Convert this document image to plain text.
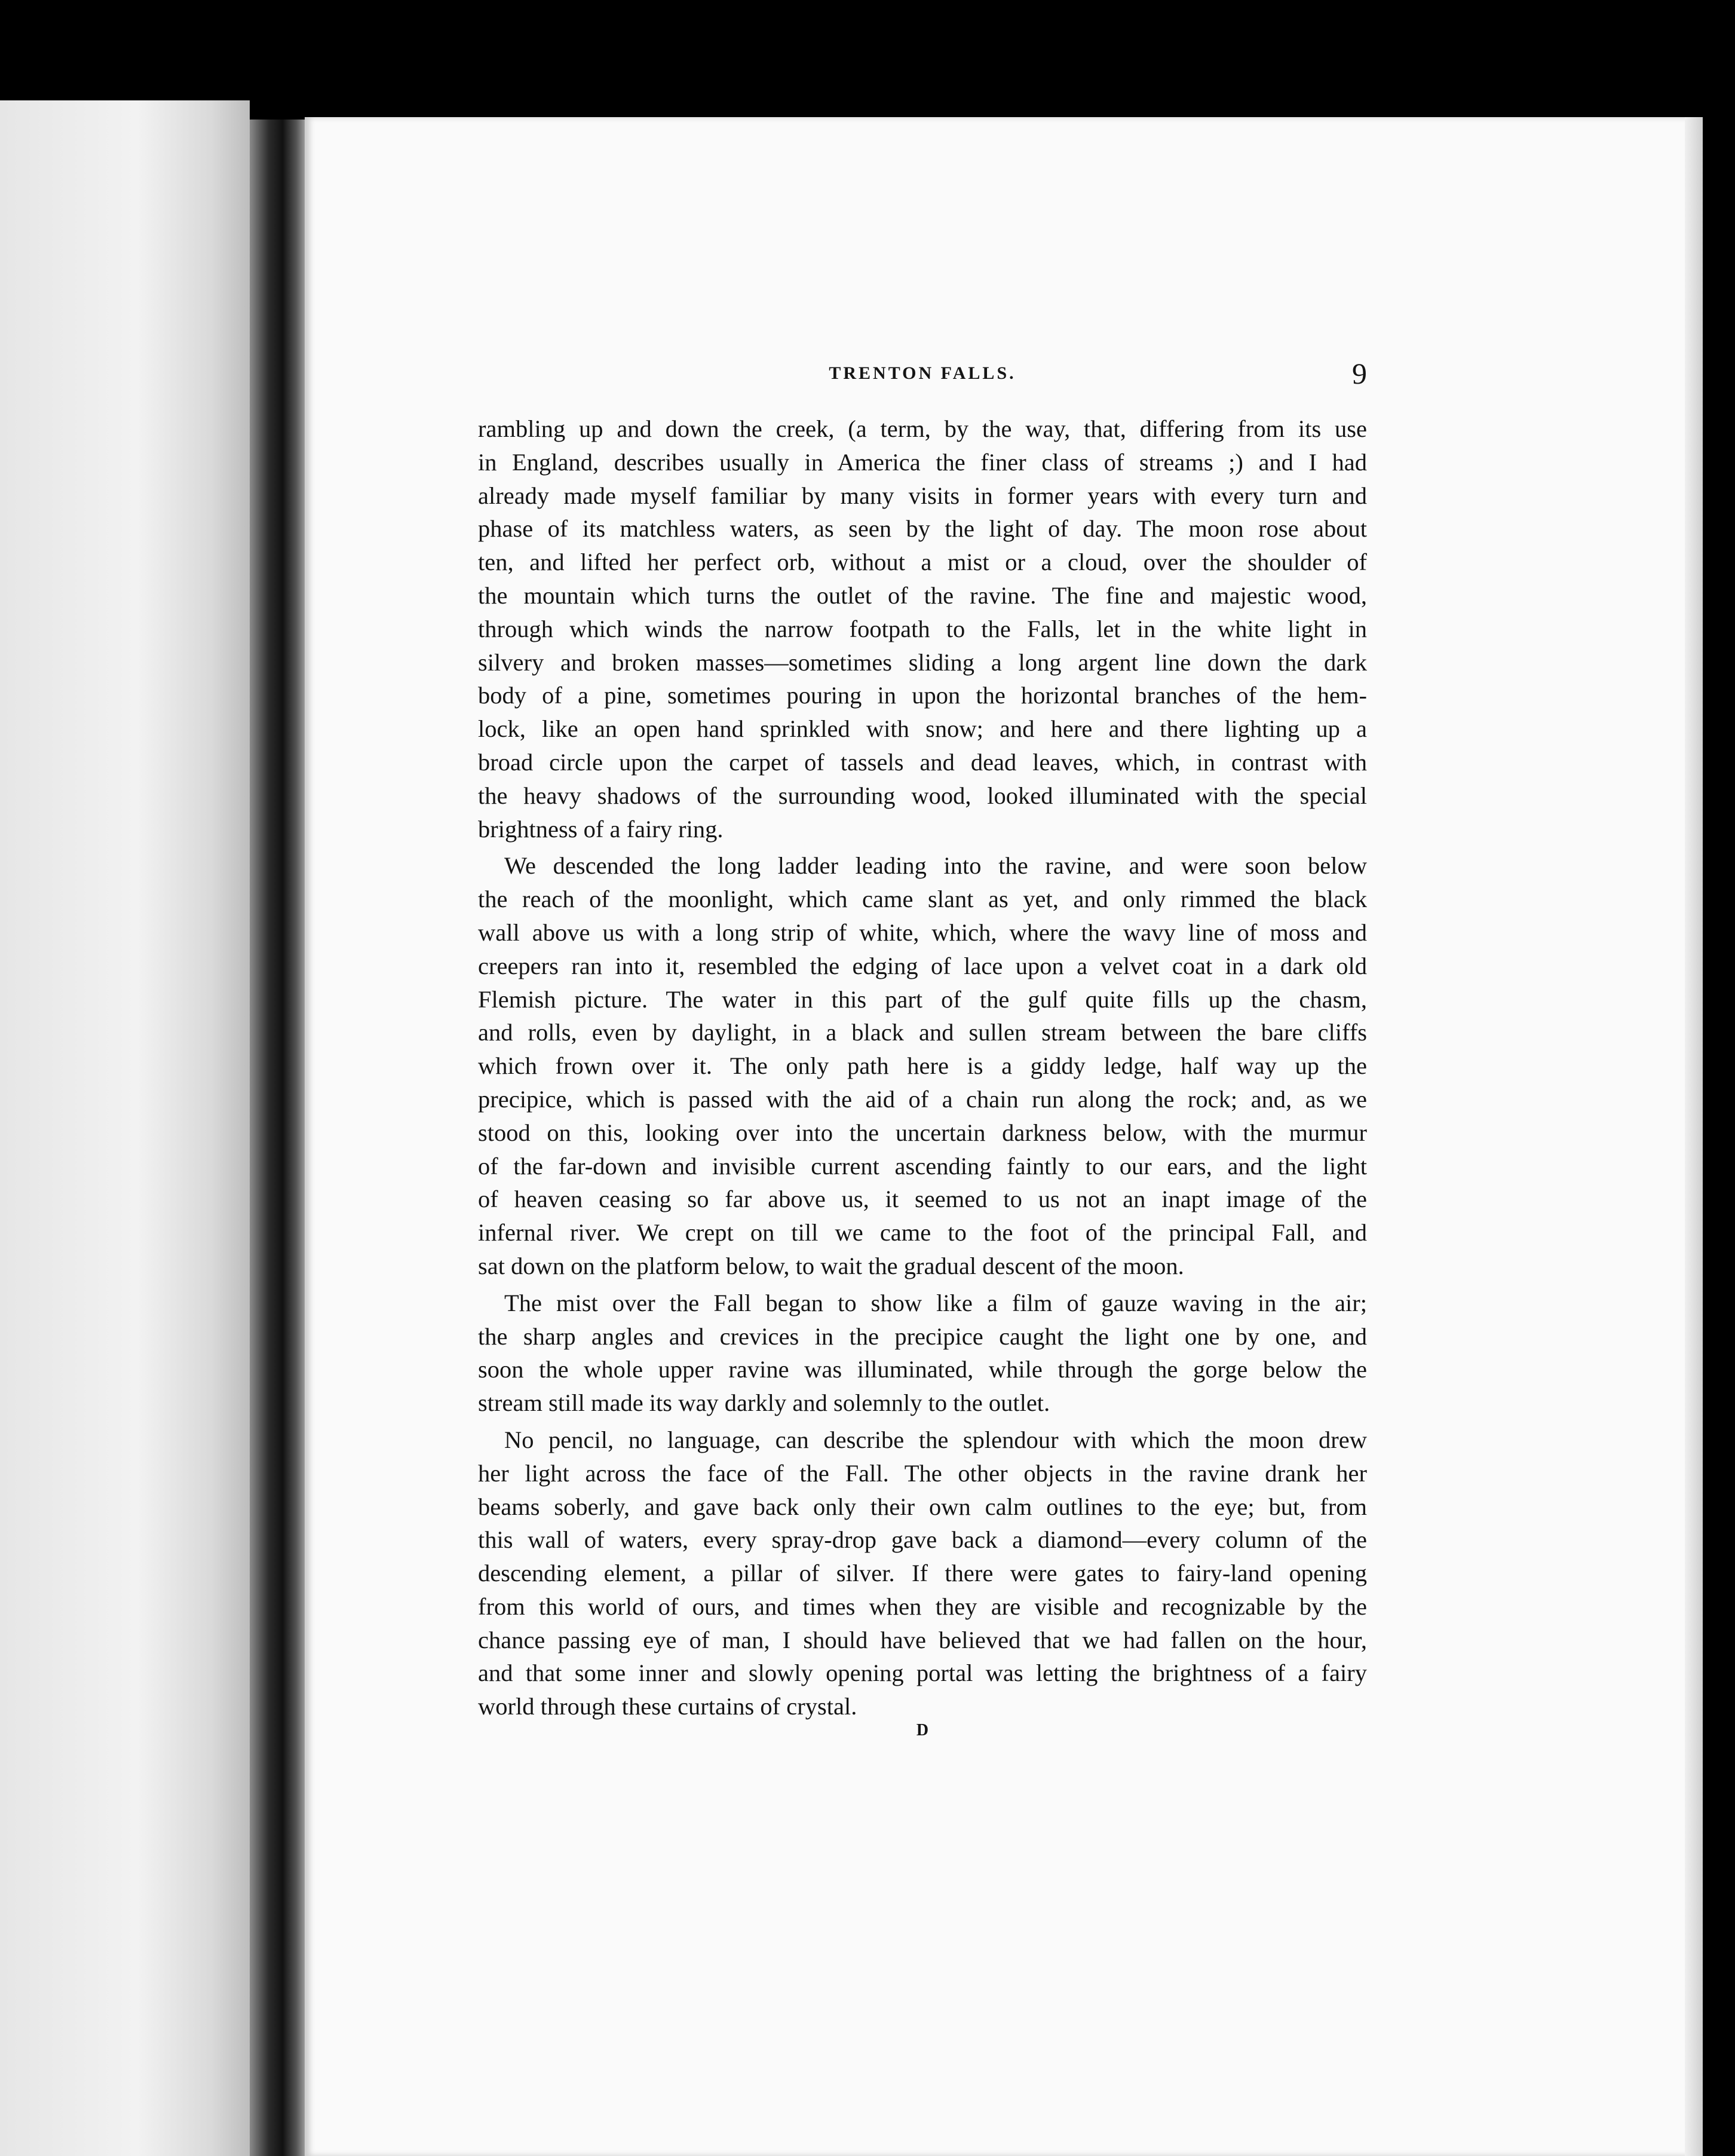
TRENTON FALLS.	9
rambling up and down the creek, (a term, by the way, that, differing from its use
in England, describes usually in America the finer class of streams ;) and I had
already made myself familiar by many visits in former years with every turn and
phase of its matchless waters, as seen by the light of day. The moon rose about
ten, and lifted her perfect orb, without a mist or a cloud, over the shoulder of
the mountain which turns the outlet of the ravine. The fine and majestic wood,
through which winds the narrow footpath to the Falls, let in the white light in
silvery and broken masses—sometimes sliding a long argent line down the dark
body of a pine, sometimes pouring in upon the horizontal branches of the hem-
lock, like an open hand sprinkled with snow; and here and there lighting up a
broad circle upon the carpet of tassels and dead leaves, which, in contrast with
the heavy shadows of the surrounding wood, looked illuminated with the special
brightness of a fairy ring.
We descended the long ladder leading into the ravine, and were soon below
the reach of the moonlight, which came slant as yet, and only rimmed the black
wall above us with a long strip of white, which, where the wavy line of moss and
creepers ran into it, resembled the edging of lace upon a velvet coat in a dark old
Flemish picture. The water in this part of the gulf quite fills up the chasm,
and rolls, even by daylight, in a black and sullen stream between the bare cliffs
which frown over it. The only path here is a giddy ledge, half way up the
precipice, which is passed with the aid of a chain run along the rock; and, as we
stood on this, looking over into the uncertain darkness below, with the murmur
of the far-down and invisible current ascending faintly to our ears, and the light
of heaven ceasing so far above us, it seemed to us not an inapt image of the
infernal river. We crept on till we came to the foot of the principal Fall, and
sat down on the platform below, to wait the gradual descent of the moon.
The mist over the Fall began to show like a film of gauze waving in the air;
the sharp angles and crevices in the precipice caught the light one by one, and
soon the whole upper ravine was illuminated, while through the gorge below the
stream still made its way darkly and solemnly to the outlet.
No pencil, no language, can describe the splendour with which the moon drew
her light across the face of the Fall. The other objects in the ravine drank her
beams soberly, and gave back only their own calm outlines to the eye; but, from
this wall of waters, every spray-drop gave back a diamond—every column of the
descending element, a pillar of silver. If there were gates to fairy-land opening
from this world of ours, and times when they are visible and recognizable by the
chance passing eye of man, I should have believed that we had fallen on the hour,
and that some inner and slowly opening portal was letting the brightness of a fairy
world through these curtains of crystal.
D
